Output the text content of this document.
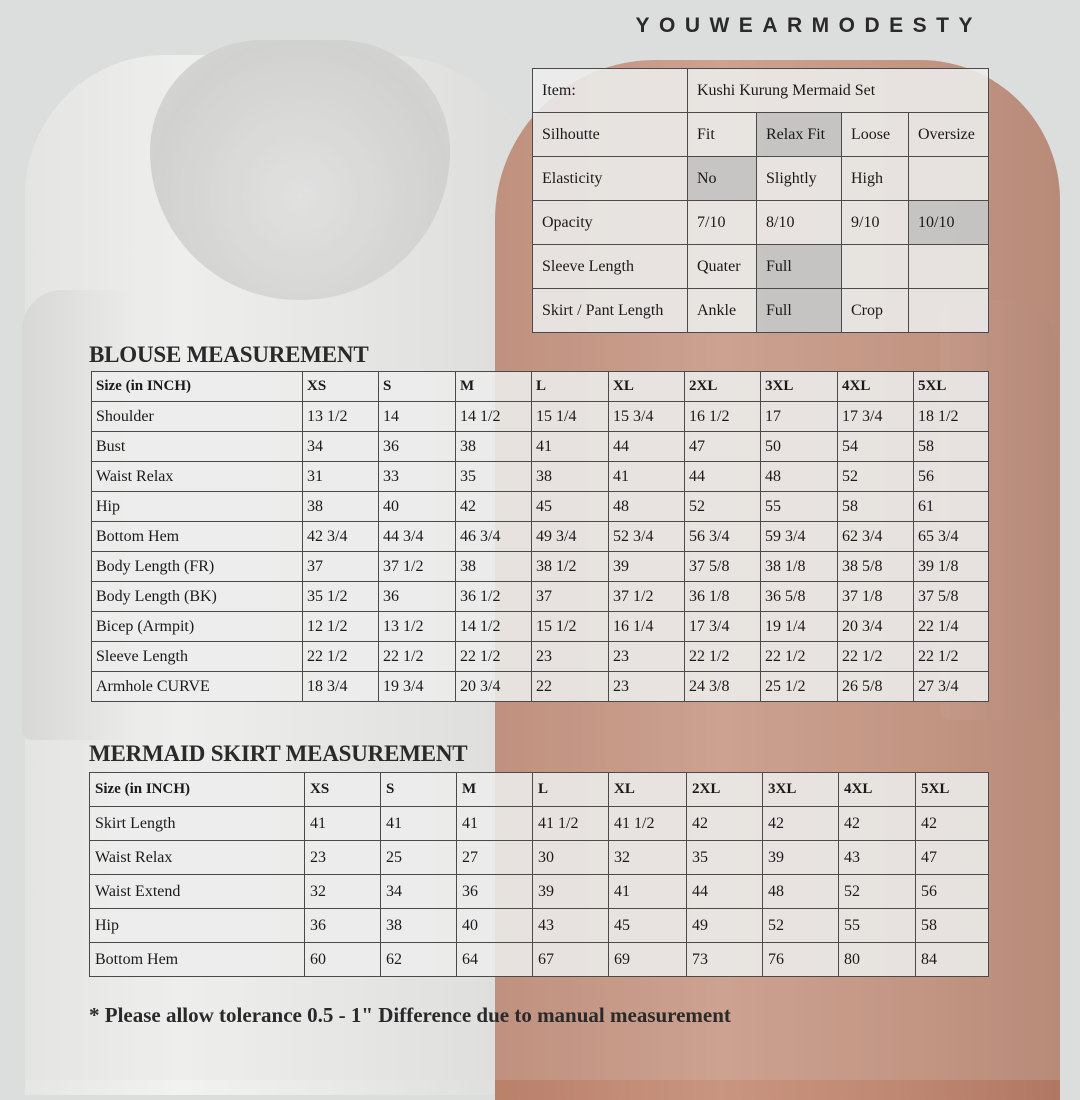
YOUWEARMODESTY
Item:	Kushi Kurung Mermaid Set			
Silhoutte	Fit	Relax Fit	Loose	Oversize
Elasticity	No	Slightly	High	
Opacity	7/10	8/10	9/10	10/10
Sleeve Length	Quater	Full		
Skirt / Pant Length	Ankle	Full	Crop	
BLOUSE MEASUREMENT
Size (in INCH)	XS	S	M	L	XL	2XL	3XL	4XL	5XL
Shoulder	13 1/2	14	14 1/2	15 1/4	15 3/4	16 1/2	17	17 3/4	18 1/2
Bust	34	36	38	41	44	47	50	54	58
Waist Relax	31	33	35	38	41	44	48	52	56
Hip	38	40	42	45	48	52	55	58	61
Bottom Hem	42 3/4	44 3/4	46 3/4	49 3/4	52 3/4	56 3/4	59 3/4	62 3/4	65 3/4
Body Length (FR)	37	37 1/2	38	38 1/2	39	37 5/8	38 1/8	38 5/8	39 1/8
Body Length (BK)	35 1/2	36	36 1/2	37	37 1/2	36 1/8	36 5/8	37 1/8	37 5/8
Bicep (Armpit)	12 1/2	13 1/2	14 1/2	15 1/2	16 1/4	17 3/4	19 1/4	20 3/4	22 1/4
Sleeve Length	22 1/2	22 1/2	22 1/2	23	23	22 1/2	22 1/2	22 1/2	22 1/2
Armhole CURVE	18 3/4	19 3/4	20 3/4	22	23	24 3/8	25 1/2	26 5/8	27 3/4
MERMAID SKIRT MEASUREMENT
Size (in INCH)	XS	S	M	L	XL	2XL	3XL	4XL	5XL
Skirt Length	41	41	41	41 1/2	41 1/2	42	42	42	42
Waist Relax	23	25	27	30	32	35	39	43	47
Waist Extend	32	34	36	39	41	44	48	52	56
Hip	36	38	40	43	45	49	52	55	58
Bottom Hem	60	62	64	67	69	73	76	80	84
* Please allow tolerance 0.5 - 1" Difference due to manual measurement
